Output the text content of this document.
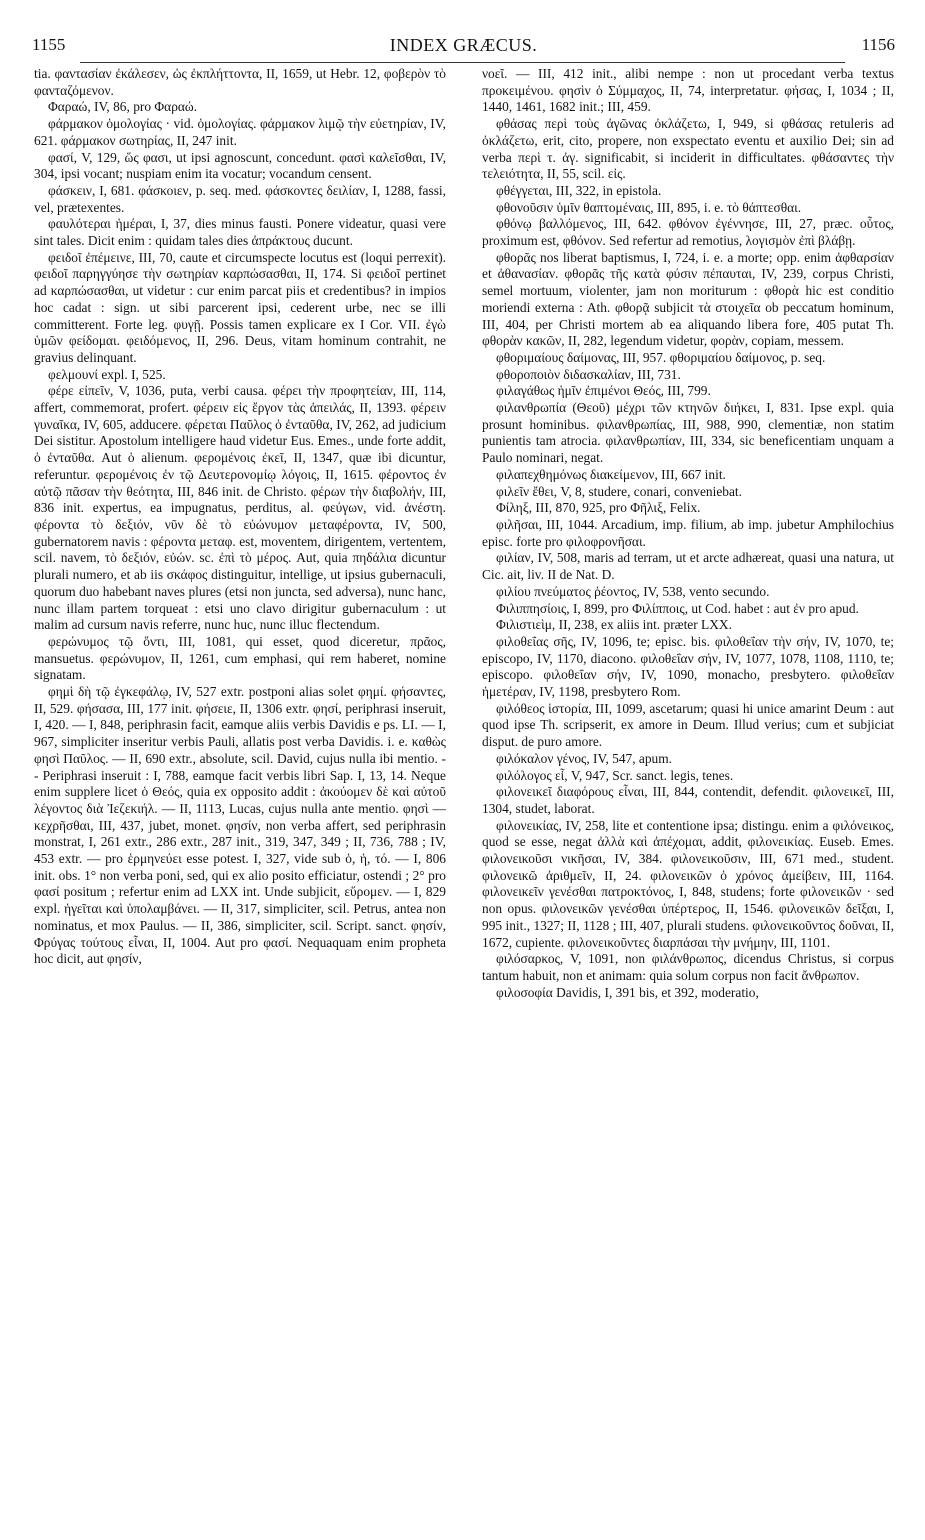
1155	INDEX GRÆCUS.	1156

tia. φαντασίαν ἐκάλεσεν, ὡς ἐκπλήττοντα, II, 1659, ut Hebr. 12, φοβερὸν τὸ φανταζόμενον.

Φαραώ, IV, 86, pro Φαραώ.

φάρμακον ὁμολογίας · vid. ὁμολογίας. φάρμακον λιμῷ τὴν εὐετηρίαν, IV, 621. φάρμακον σωτηρίας, II, 247 init.

φασί, V, 129, ὥς φασι, ut ipsi agnoscunt, concedunt. φασὶ καλεῖσθαι, IV, 304, ipsi vocant; nuspiam enim ita vocatur; vocandum censent.

φάσκειν, I, 681. φάσκοιεν, p. seq. med. φάσκοντες δειλίαν, I, 1288, fassi, vel, prætexentes.

φαυλότεραι ἡμέραι, I, 37, dies minus fausti. Ponere videatur, quasi vere sint tales. Dicit enim : quidam tales dies ἀπράκτους ducunt.

φειδοῖ ἐπέμεινε, III, 70, caute et circumspecte locutus est (loqui perrexit). φειδοῖ παρηγγύησε τὴν σωτηρίαν καρπώσασθαι, II, 174. Si φειδοῖ pertinet ad καρπώσασθαι, ut videtur : cur enim parcat piis et credentibus? in impios hoc cadat : sign. ut sibi parcerent ipsi, cederent urbe, nec se illi committerent. Forte leg. φυγῇ. Possis tamen explicare ex I Cor. VII. ἐγὼ ὑμῶν φείδομαι. φειδόμενος, II, 296. Deus, vitam hominum contrahit, ne gravius delinquant.

φελμουνί expl. I, 525.

φέρε εἰπεῖν, V, 1036, puta, verbi causa. φέρει τὴν προφητείαν, III, 114, affert, commemorat, profert. φέρειν εἰς ἔργον τὰς ἀπειλάς, II, 1393. φέρειν γυναῖκα, IV, 605, adducere. φέρεται Παῦλος ὁ ἐνταῦθα, IV, 262, ad judicium Dei sistitur. Apostolum intelligere haud videtur Eus. Emes., unde forte addit, ὁ ἐνταῦθα. Aut ὁ alienum. φερομένοις ἐκεῖ, II, 1347, quæ ibi dicuntur, referuntur. φερομένοις ἐν τῷ Δευτερονομίῳ λόγοις, II, 1615. φέροντος ἐν αὐτῷ πᾶσαν τὴν θεότητα, III, 846 init. de Christo. φέρων τὴν διαβολήν, III, 836 init. expertus, ea impugnatus, perditus, al. φεύγων, vid. ἀνέστη. φέροντα τὸ δεξιόν, νῦν δὲ τὸ εὐώνυμον μεταφέροντα, IV, 500, gubernatorem navis : φέροντα μεταφ. est, moventem, dirigentem, vertentem, scil. navem, τὸ δεξιόν, εὐών. sc. ἐπὶ τὸ μέρος. Aut, quia πηδάλια dicuntur plurali numero, et ab iis σκάφος distinguitur, intellige, ut ipsius gubernaculi, quorum duo habebant naves plures (etsi non juncta, sed adversa), nunc hanc, nunc illam partem torqueat : etsi uno clavo dirigitur gubernaculum : ut malim ad cursum navis referre, nunc huc, nunc illuc flectendum.

φερώνυμος τῷ ὄντι, III, 1081, qui esset, quod diceretur, πρᾶος, mansuetus. φερώνυμον, II, 1261, cum emphasi, qui rem haberet, nomine signatam.

φημὶ δὴ τῷ ἐγκεφάλῳ, IV, 527 extr. postponi alias solet φημί. φήσαντες, II, 529. φήσασα, III, 177 init. φήσειε, II, 1306 extr. φησί, periphrasi inseruit, I, 420. — I, 848, periphrasin facit, eamque aliis verbis Davidis e ps. LI. — I, 967, simpliciter inseritur verbis Pauli, allatis post verba Davidis. i. e. καθὼς φησὶ Παῦλος. — II, 690 extr., absolute, scil. David, cujus nulla ibi mentio. - - Periphrasi inseruit : I, 788, eamque facit verbis libri Sap. I, 13, 14. Neque enim supplere licet ὁ Θεός, quia ex opposito addit : ἀκούομεν δὲ καὶ αὐτοῦ λέγοντος διὰ Ἰεζεκιήλ. — II, 1113, Lucas, cujus nulla ante mentio. φησὶ — κεχρῆσθαι, III, 437, jubet, monet. φησίν, non verba affert, sed periphrasin monstrat, I, 261 extr., 286 extr., 287 init., 319, 347, 349 ; II, 736, 788 ; IV, 453 extr. — pro ἑρμηνεύει esse potest. I, 327, vide sub ὁ, ἡ, τό. — I, 806 init. obs. 1° non verba poni, sed, qui ex alio posito efficiatur, ostendi ; 2° pro φασί positum ; refertur enim ad LXX int. Unde subjicit, εὕρομεν. — I, 829 expl. ἡγεῖται καὶ ὑπολαμβάνει. — II, 317, simpliciter, scil. Petrus, antea non nominatus, et mox Paulus. — II, 386, simpliciter, scil. Script. sanct. φησίν, Φρύγας τούτους εἶναι, II, 1004. Aut pro φασί. Nequaquam enim propheta hoc dicit, aut φησίν,

νοεῖ. — III, 412 init., alibi nempe : non ut procedant verba textus προκειμένου. φησὶν ὁ Σύμμαχος, II, 74, interpretatur. φήσας, I, 1034 ; II, 1440, 1461, 1682 init.; III, 459.

φθάσας περὶ τοὺς ἀγῶνας ὀκλάζετω, I, 949, si φθάσας retuleris ad ὀκλάζετω, erit, cito, propere, non exspectato eventu et auxilio Dei; sin ad verba περὶ τ. ἀγ. significabit, si inciderit in difficultates. φθάσαντες τὴν τελειότητα, II, 55, scil. εἰς.

φθέγγεται, III, 322, in epistola.

φθονοῦσιν ὑμῖν θαπτομέναις, III, 895, i. e. τὸ θάπτεσθαι.

φθόνῳ βαλλόμενος, III, 642. φθόνον ἐγέννησε, III, 27, præc. οὗτος, proximum est, φθόνον. Sed refertur ad remotius, λογισμὸν ἐπὶ βλάβῃ.

φθορᾶς nos liberat baptismus, I, 724, i. e. a morte; opp. enim ἀφθαρσίαν et ἀθανασίαν. φθορᾶς τῆς κατὰ φύσιν πέπαυται, IV, 239, corpus Christi, semel mortuum, violenter, jam non moriturum : φθορὰ hic est conditio moriendi externa : Ath. φθορᾷ subjicit τὰ στοιχεῖα ob peccatum hominum, III, 404, per Christi mortem ab ea aliquando libera fore, 405 putat Th. φθορὰν κακῶν, II, 282, legendum videtur, φορὰν, copiam, messem.

φθοριμαίους δαίμονας, III, 957. φθοριμαίου δαίμονος, p. seq.

φθοροποιὸν διδασκαλίαν, III, 731.

φιλαγάθως ἡμῖν ἐπιμένοι Θεός, III, 799.

φιλανθρωπία (Θεοῦ) μέχρι τῶν κτηνῶν διήκει, I, 831. Ipse expl. quia prosunt hominibus. φιλανθρωπίας, III, 988, 990, clementiæ, non statim punientis tam atrocia. φιλανθρωπίαν, III, 334, sic beneficentiam unquam a Paulo nominari, negat.

φιλαπεχθημόνως διακείμενον, III, 667 init.

φιλεῖν ἔθει, V, 8, studere, conari, conveniebat.

Φίληξ, III, 870, 925, pro Φῆλιξ, Felix.

φιλῆσαι, III, 1044. Arcadium, imp. filium, ab imp. jubetur Amphilochius episc. forte pro φιλοφρονῆσαι.

φιλίαν, IV, 508, maris ad terram, ut et arcte adhæreat, quasi una natura, ut Cic. ait, liv. II de Nat. D.

φιλίου πνεύματος ῥέοντος, IV, 538, vento secundo.

Φιλιππησίοις, I, 899, pro Φιλίπποις, ut Cod. habet : aut ἐν pro apud.

Φιλιστιεὶμ, II, 238, ex aliis int. præter LXX.

φιλοθεΐας σῆς, IV, 1096, te; episc. bis. φιλοθεΐαν τὴν σήν, IV, 1070, te; episcopo, IV, 1170, diacono. φιλοθεΐαν σήν, IV, 1077, 1078, 1108, 1110, te; episcopo. φιλοθεΐαν σήν, IV, 1090, monacho, presbytero. φιλοθεΐαν ἡμετέραν, IV, 1198, presbytero Rom.

φιλόθεος ἱστορία, III, 1099, ascetarum; quasi hi unice amarint Deum : aut quod ipse Th. scripserit, ex amore in Deum. Illud verius; cum et subjiciat disput. de puro amore.

φιλόκαλον γένος, IV, 547, apum.

φιλόλογος εἶ, V, 947, Scr. sanct. legis, tenes.

φιλονεικεῖ διαφόρους εἶναι, III, 844, contendit, defendit. φιλονεικεῖ, III, 1304, studet, laborat.

φιλονεικίας, IV, 258, lite et contentione ipsa; distingu. enim a φιλόνεικος, quod se esse, negat ἀλλὰ καὶ ἀπέχομαι, addit, φιλονεικίας. Euseb. Emes. φιλονεικοῦσι νικῆσαι, IV, 384. φιλονεικοῦσιν, III, 671 med., student. φιλονεικῶ ἀριθμεῖν, II, 24. φιλονεικῶν ὁ χρόνος ἀμείβειν, III, 1164. φιλονεικεῖν γενέσθαι πατροκτόνος, I, 848, studens; forte φιλονεικῶν · sed non opus. φιλονεικῶν γενέσθαι ὑπέρτερος, II, 1546. φιλονεικῶν δεῖξαι, I, 995 init., 1327; II, 1128 ; III, 407, plurali studens. φιλονεικοῦντος δοῦναι, II, 1672, cupiente. φιλονεικοῦντες διαρπάσαι τὴν μνήμην, III, 1101.

φιλόσαρκος, V, 1091, non φιλάνθρωπος, dicendus Christus, si corpus tantum habuit, non et animam: quia solum corpus non facit ἄνθρωπον.

φιλοσοφία Davidis, I, 391 bis, et 392, moderatio,
